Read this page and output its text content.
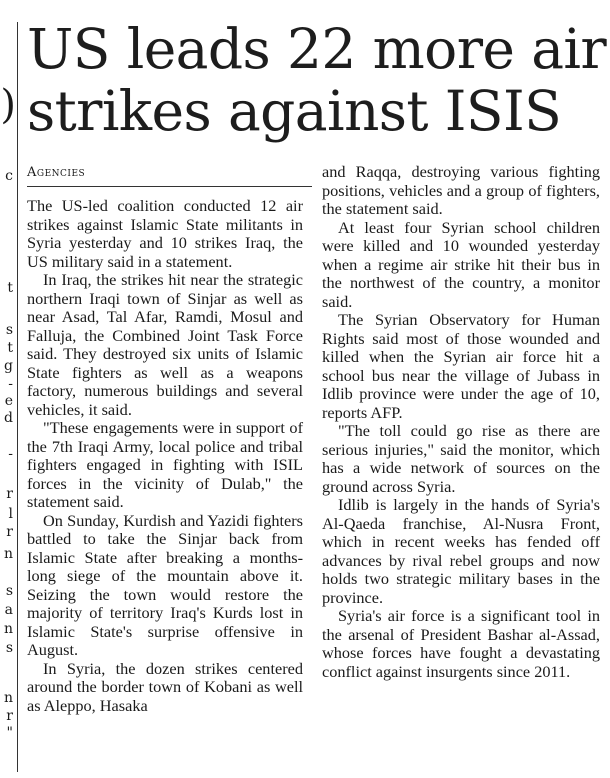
)
c
t
s
t
g
-
e
d
-
r
l
r
n
s
a
n
s
n
r
"
US leads 22 more air strikes against ISIS
Agencies

The US-led coalition conducted 12 air strikes against Islamic State militants in Syria yesterday and 10 strikes Iraq, the US military said in a statement.

In Iraq, the strikes hit near the strategic northern Iraqi town of Sinjar as well as near Asad, Tal Afar, Ramdi, Mosul and Falluja, the Combined Joint Task Force said. They destroyed six units of Islamic State fighters as well as a weapons factory, numerous buildings and several vehicles, it said.

"These engagements were in support of the 7th Iraqi Army, local police and tribal fighters engaged in fighting with ISIL forces in the vicinity of Dulab," the statement said.

On Sunday, Kurdish and Yazidi fighters battled to take the Sinjar back from Islamic State after breaking a months-long siege of the mountain above it. Seizing the town would restore the majority of territory Iraq's Kurds lost in Islamic State's surprise offensive in August.

In Syria, the dozen strikes centered around the border town of Kobani as well as Aleppo, Hasaka

and Raqqa, destroying various fighting positions, vehicles and a group of fighters, the statement said.

At least four Syrian school children were killed and 10 wounded yesterday when a regime air strike hit their bus in the northwest of the country, a monitor said.

The Syrian Observatory for Human Rights said most of those wounded and killed when the Syrian air force hit a school bus near the village of Jubass in Idlib province were under the age of 10, reports AFP.

"The toll could go rise as there are serious injuries," said the monitor, which has a wide network of sources on the ground across Syria.

Idlib is largely in the hands of Syria's Al-Qaeda franchise, Al-Nusra Front, which in recent weeks has fended off advances by rival rebel groups and now holds two strategic military bases in the province.

Syria's air force is a significant tool in the arsenal of President Bashar al-Assad, whose forces have fought a devastating conflict against insurgents since 2011.
